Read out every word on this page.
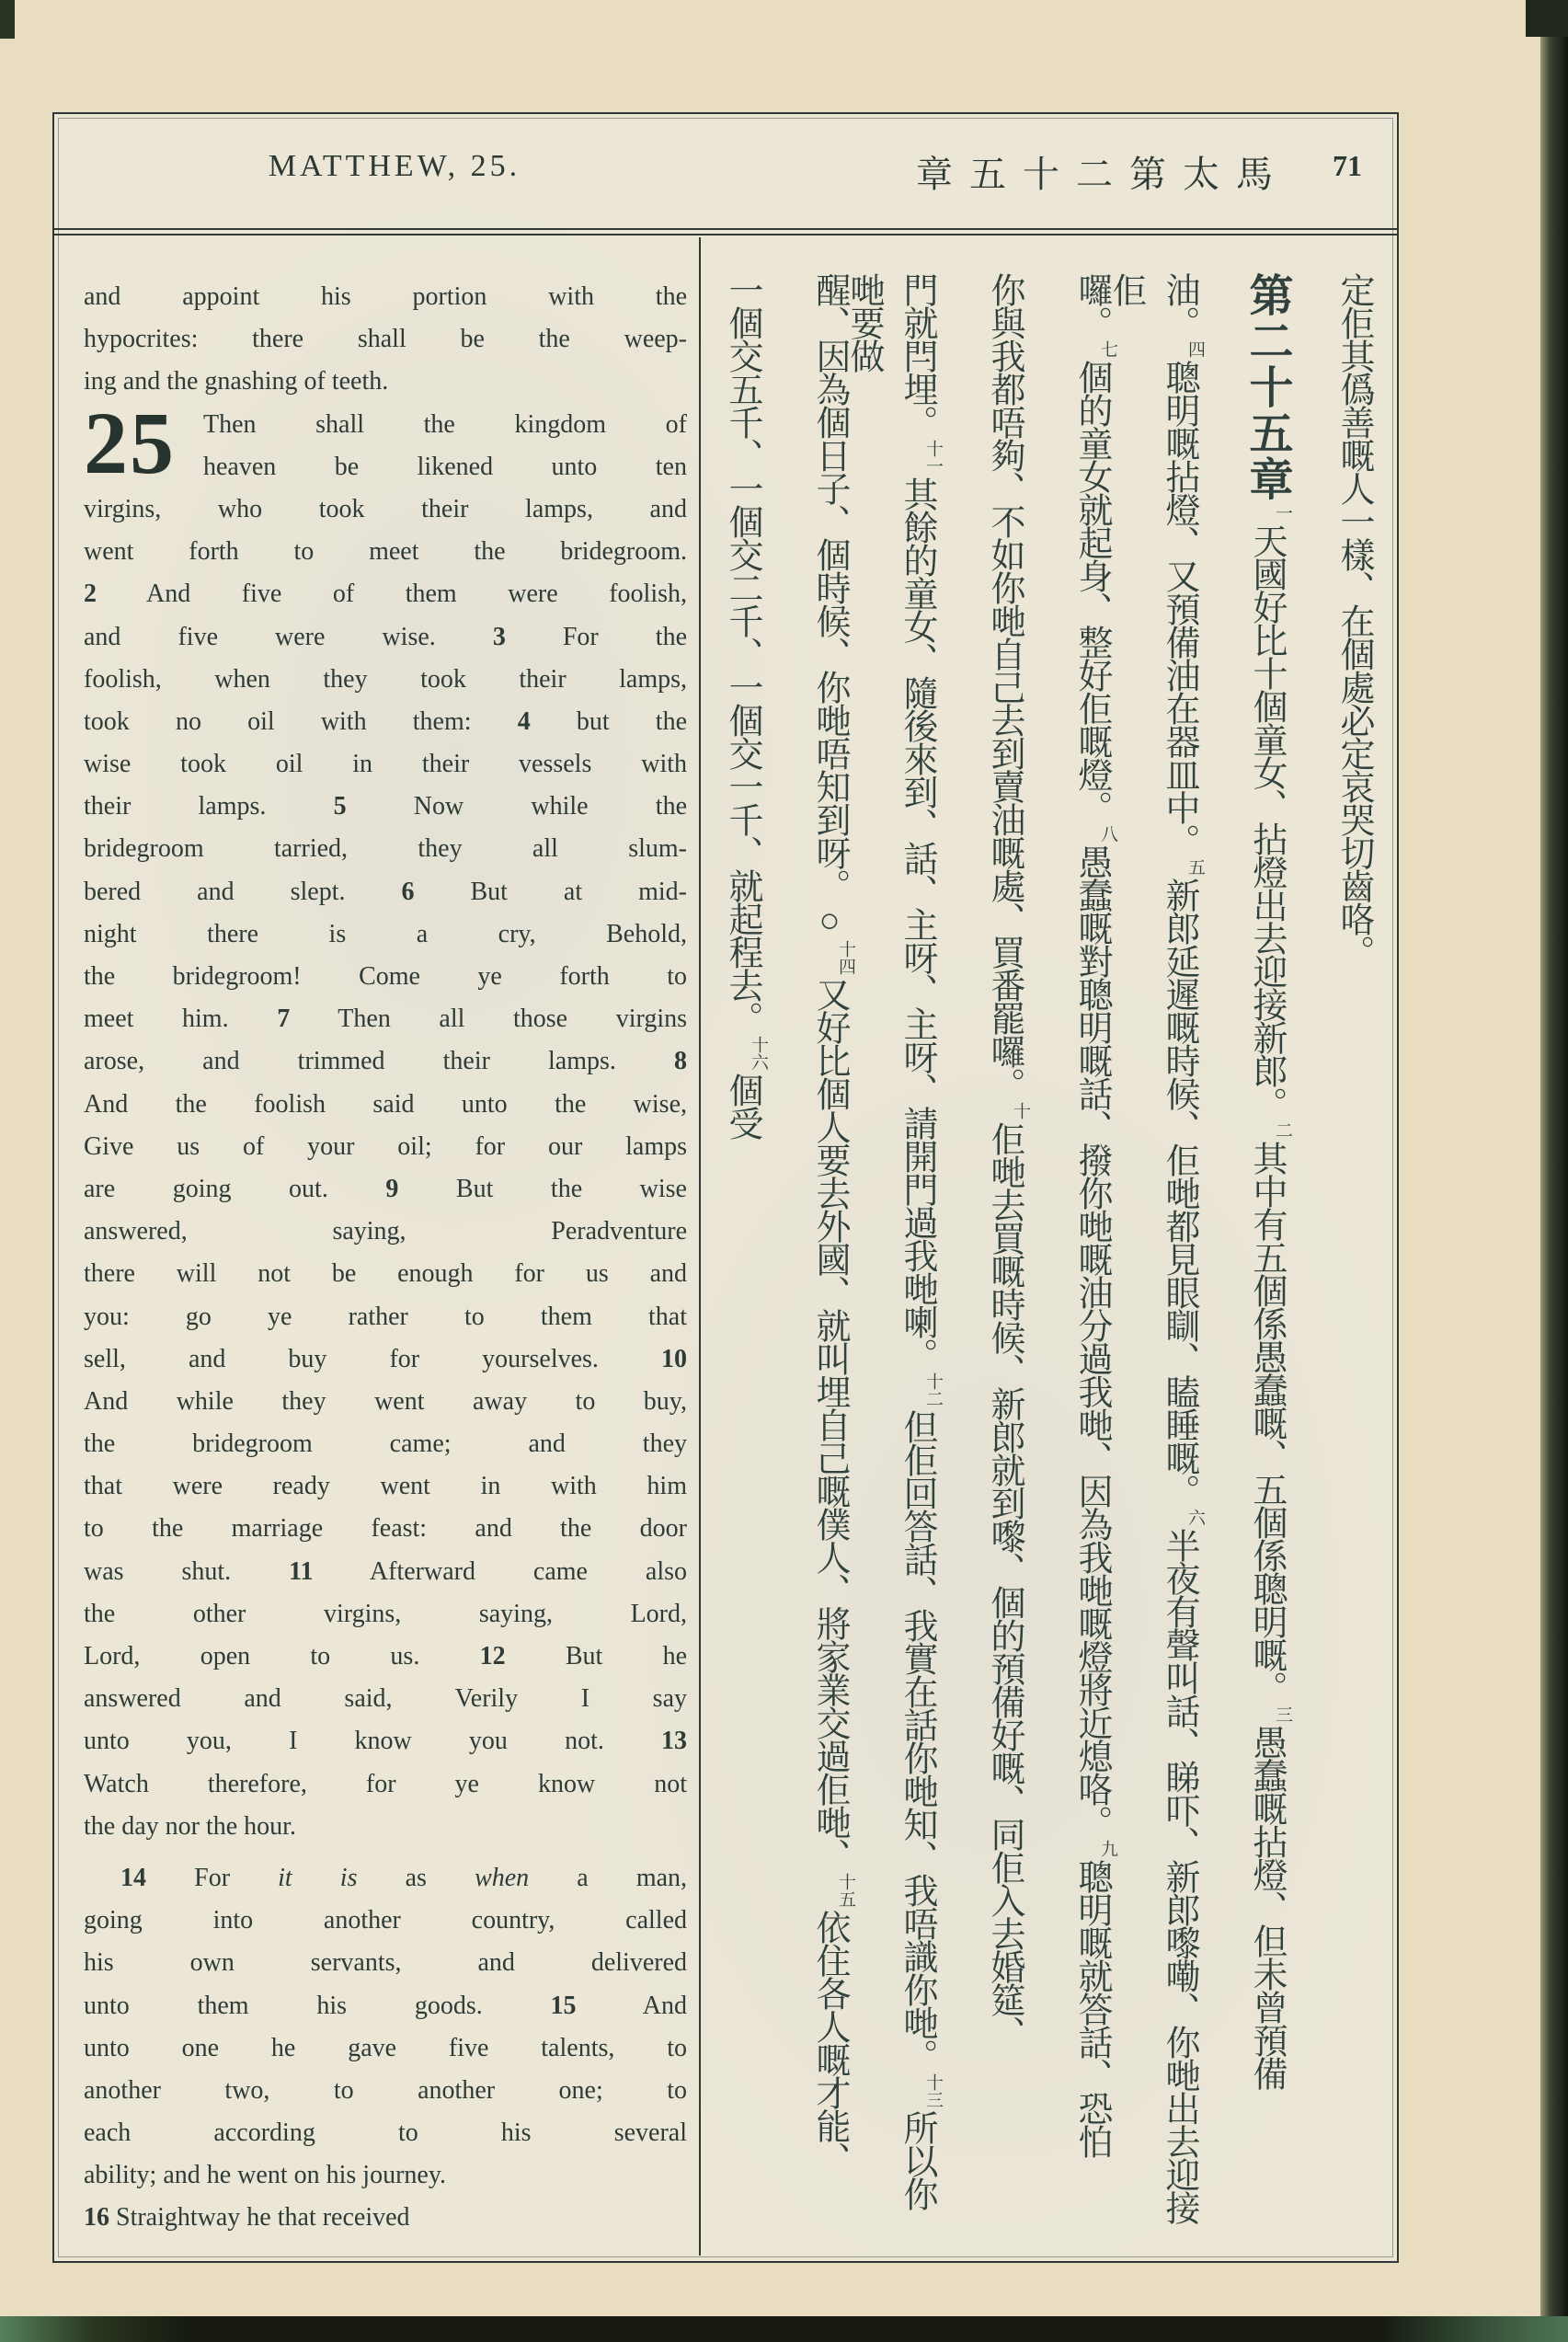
MATTHEW, 25.	章五十二第太馬	71
25
and appoint his portion with the
hypocrites: there shall be the weep-
ing and the gnashing of teeth.
Then shall the kingdom of
heaven be likened unto ten
virgins, who took their lamps, and
went forth to meet the bridegroom.
2 And five of them were foolish,
and five were wise. 3 For the
foolish, when they took their lamps,
took no oil with them: 4 but the
wise took oil in their vessels with
their lamps. 5 Now while the
bridegroom tarried, they all slum-
bered and slept. 6 But at mid-
night there is a cry, Behold,
the bridegroom! Come ye forth to
meet him. 7 Then all those virgins
arose, and trimmed their lamps. 8
And the foolish said unto the wise,
Give us of your oil; for our lamps
are going out. 9 But the wise
answered, saying, Peradventure
there will not be enough for us and
you: go ye rather to them that
sell, and buy for yourselves. 10
And while they went away to buy,
the bridegroom came; and they
that were ready went in with him
to the marriage feast: and the door
was shut. 11 Afterward came also
the other virgins, saying, Lord,
Lord, open to us. 12 But he
answered and said, Verily I say
unto you, I know you not. 13
Watch therefore, for ye know not
the day nor the hour.
14 For it is as when a man,
going into another country, called
his own servants, and delivered
unto them his goods. 15 And
unto one he gave five talents, to
another two, to another one; to
each according to his several
ability; and he went on his journey.
16 Straightway he that received
定佢其僞善嘅人一樣、在個處必定哀哭切齒咯。
第二十五章一天國好比十個童女、拈燈出去迎接新郎。二其中有五個係愚蠢嘅、五個係聰明嘅。三愚蠢嘅拈燈、但未曾預備
油。四聰明嘅拈燈、又預備油在器皿中。五新郎延遲嘅時候、佢哋都見眼瞓、瞌睡嘅。六半夜有聲叫話、睇吓、新郎嚟嘞、你哋出去迎接佢
囉。七個的童女就起身、整好佢嘅燈。八愚蠢嘅對聰明嘅話、撥你哋嘅油分過我哋、因為我哋嘅燈將近熄咯。九聰明嘅就答話、恐怕
你與我都唔夠、不如你哋自己去到賣油嘅處、買番罷囉。十佢哋去買嘅時候、新郎就到嚟、個的預備好嘅、同佢入去婚筵、
門就閂埋。十一其餘的童女、隨後來到、話、主呀、主呀、請開門過我哋喇。十二但佢回答話、我實在話你哋知、我唔識你哋。十三所以你哋要做
醒、因為個日子、個時候、你哋唔知到呀。○十四又好比個人要去外國、就叫埋自己嘅僕人、將家業交過佢哋、十五依住各人嘅才能、
一個交五千、一個交二千、一個交一千、就起程去。十六個受
